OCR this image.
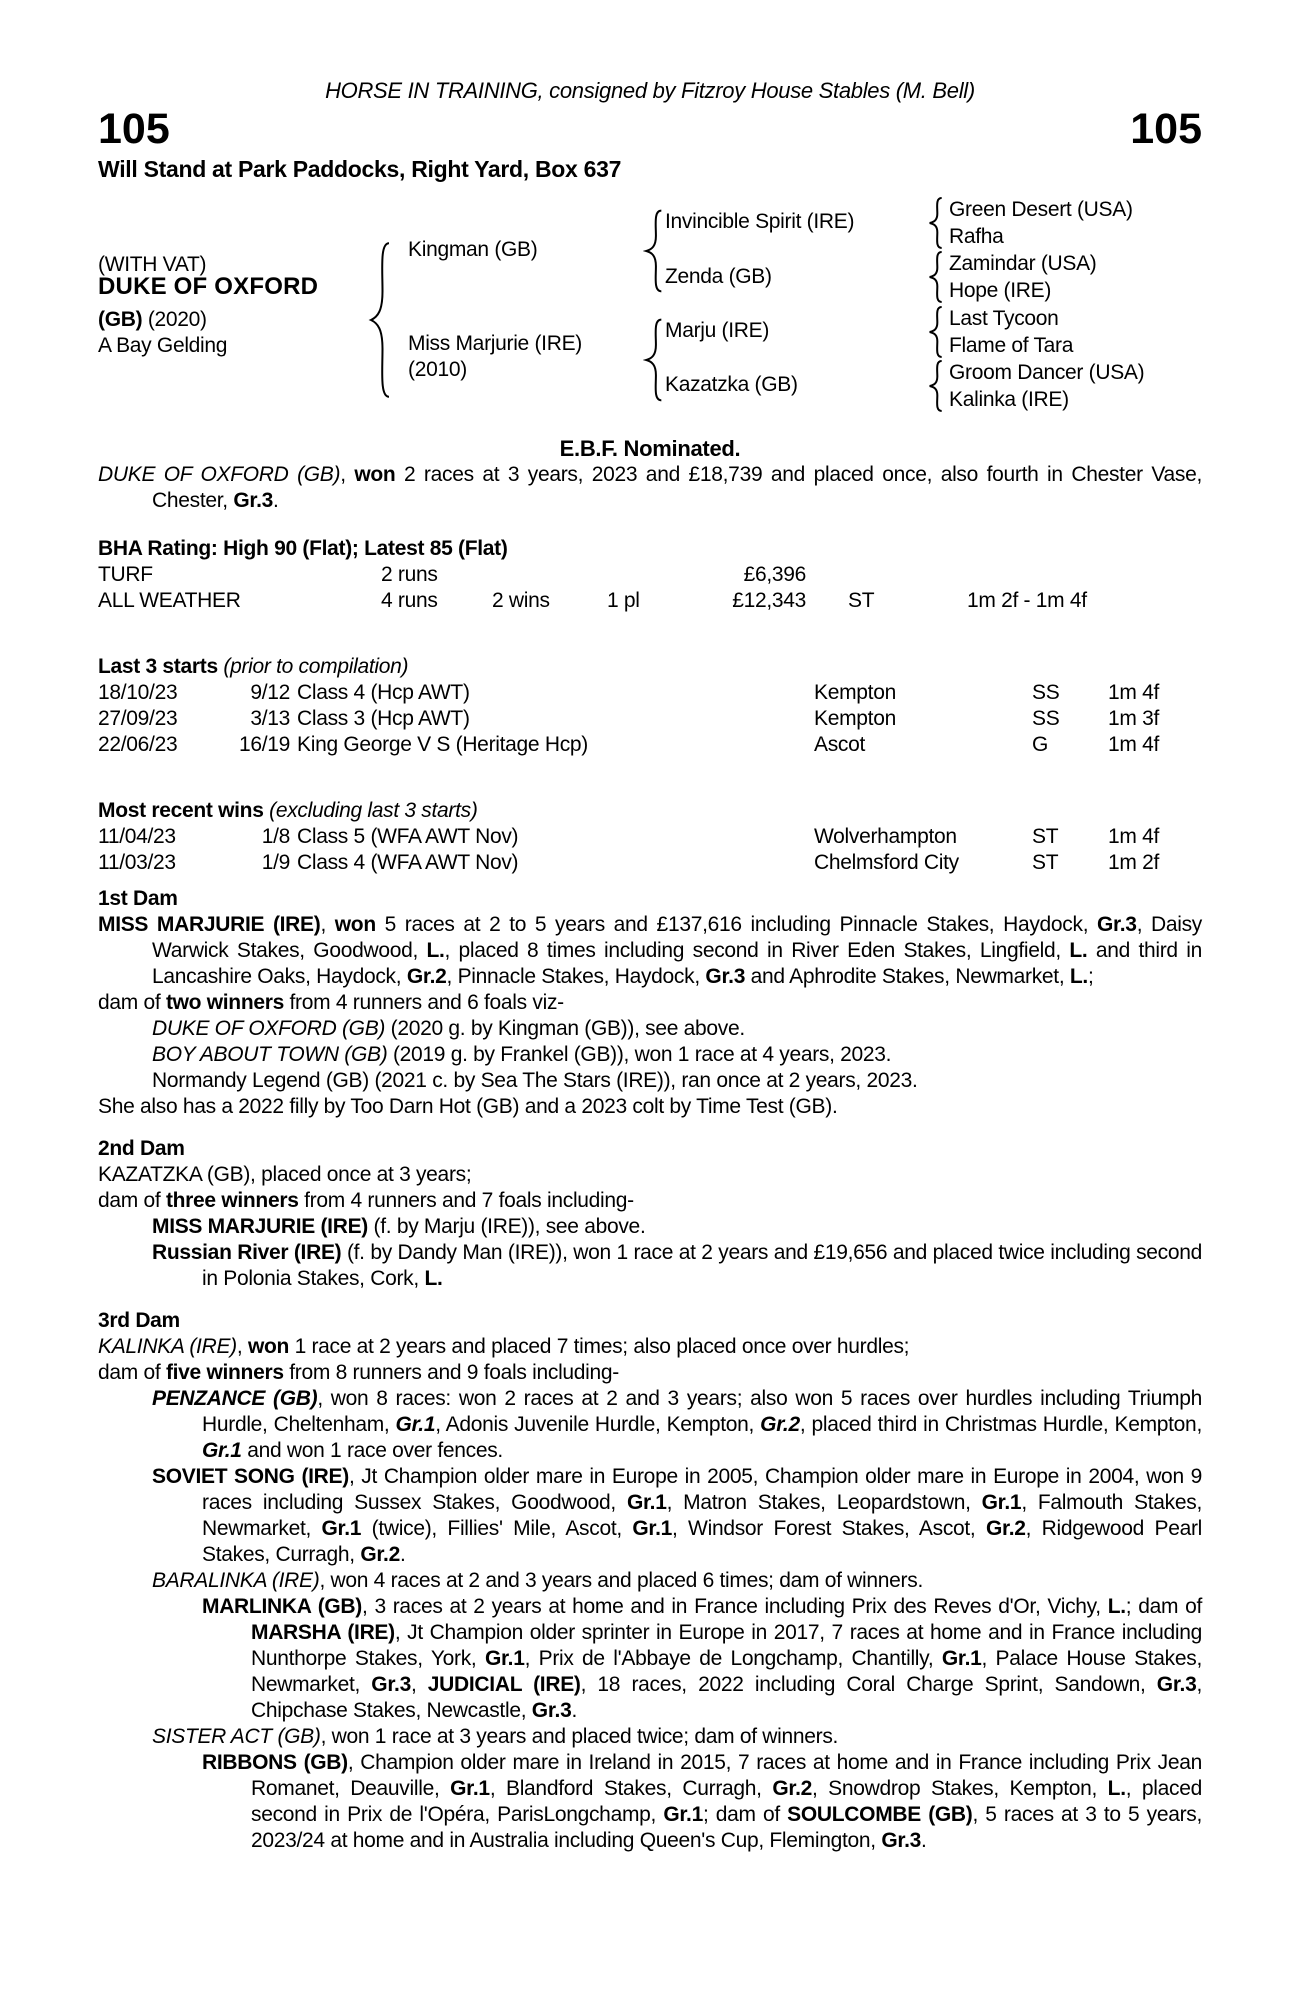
HORSE IN TRAINING, consigned by Fitzroy House Stables (M. Bell)
105	105
Will Stand at Park Paddocks, Right Yard, Box 637
(WITH VAT)
DUKE OF OXFORD
(GB) (2020)
A Bay Gelding
Kingman (GB)
Miss Marjurie (IRE)
(2010)
Invincible Spirit (IRE)
Zenda (GB)
Marju (IRE)
Kazatzka (GB)
Green Desert (USA)
Rafha
Zamindar (USA)
Hope (IRE)
Last Tycoon
Flame of Tara
Groom Dancer (USA)
Kalinka (IRE)
E.B.F. Nominated.
DUKE OF OXFORD (GB), won 2 races at 3 years, 2023 and £18,739 and placed once, also fourth in Chester Vase, Chester, Gr.3.
BHA Rating: High 90 (Flat); Latest 85 (Flat)
TURF	2 runs	£6,396
ALL WEATHER	4 runs	2 wins	1 pl	£12,343 ST	1m 2f - 1m 4f
Last 3 starts (prior to compilation)
18/10/23	9/12 Class 4 (Hcp AWT)	Kempton	SS 1m 4f
27/09/23	3/13 Class 3 (Hcp AWT)	Kempton	SS 1m 3f
22/06/23	16/19 King George V S (Heritage Hcp)	Ascot	G	1m 4f
Most recent wins (excluding last 3 starts)
11/04/23	1/8 Class 5 (WFA AWT Nov)	Wolverhampton	ST 1m 4f
11/03/23	1/9 Class 4 (WFA AWT Nov)	Chelmsford City	ST 1m 2f
1st Dam
MISS MARJURIE (IRE), won 5 races at 2 to 5 years and £137,616 including Pinnacle Stakes, Haydock, Gr.3, Daisy Warwick Stakes, Goodwood, L., placed 8 times including second in River Eden Stakes, Lingfield, L. and third in Lancashire Oaks, Haydock, Gr.2, Pinnacle Stakes, Haydock, Gr.3 and Aphrodite Stakes, Newmarket, L.;
dam of two winners from 4 runners and 6 foals viz-
DUKE OF OXFORD (GB) (2020 g. by Kingman (GB)), see above.
BOY ABOUT TOWN (GB) (2019 g. by Frankel (GB)), won 1 race at 4 years, 2023.
Normandy Legend (GB) (2021 c. by Sea The Stars (IRE)), ran once at 2 years, 2023.
She also has a 2022 filly by Too Darn Hot (GB) and a 2023 colt by Time Test (GB).
2nd Dam
KAZATZKA (GB), placed once at 3 years;
dam of three winners from 4 runners and 7 foals including-
MISS MARJURIE (IRE) (f. by Marju (IRE)), see above.
Russian River (IRE) (f. by Dandy Man (IRE)), won 1 race at 2 years and £19,656 and placed twice including second in Polonia Stakes, Cork, L.
3rd Dam
KALINKA (IRE), won 1 race at 2 years and placed 7 times; also placed once over hurdles;
dam of five winners from 8 runners and 9 foals including-
PENZANCE (GB), won 8 races: won 2 races at 2 and 3 years; also won 5 races over hurdles including Triumph Hurdle, Cheltenham, Gr.1, Adonis Juvenile Hurdle, Kempton, Gr.2, placed third in Christmas Hurdle, Kempton, Gr.1 and won 1 race over fences.
SOVIET SONG (IRE), Jt Champion older mare in Europe in 2005, Champion older mare in Europe in 2004, won 9 races including Sussex Stakes, Goodwood, Gr.1, Matron Stakes, Leopardstown, Gr.1, Falmouth Stakes, Newmarket, Gr.1 (twice), Fillies' Mile, Ascot, Gr.1, Windsor Forest Stakes, Ascot, Gr.2, Ridgewood Pearl Stakes, Curragh, Gr.2.
BARALINKA (IRE), won 4 races at 2 and 3 years and placed 6 times; dam of winners.
MARLINKA (GB), 3 races at 2 years at home and in France including Prix des Reves d'Or, Vichy, L.; dam of MARSHA (IRE), Jt Champion older sprinter in Europe in 2017, 7 races at home and in France including Nunthorpe Stakes, York, Gr.1, Prix de l'Abbaye de Longchamp, Chantilly, Gr.1, Palace House Stakes, Newmarket, Gr.3, JUDICIAL (IRE), 18 races, 2022 including Coral Charge Sprint, Sandown, Gr.3, Chipchase Stakes, Newcastle, Gr.3.
SISTER ACT (GB), won 1 race at 3 years and placed twice; dam of winners.
RIBBONS (GB), Champion older mare in Ireland in 2015, 7 races at home and in France including Prix Jean Romanet, Deauville, Gr.1, Blandford Stakes, Curragh, Gr.2, Snowdrop Stakes, Kempton, L., placed second in Prix de l'Opéra, ParisLongchamp, Gr.1; dam of SOULCOMBE (GB), 5 races at 3 to 5 years, 2023/24 at home and in Australia including Queen's Cup, Flemington, Gr.3.
